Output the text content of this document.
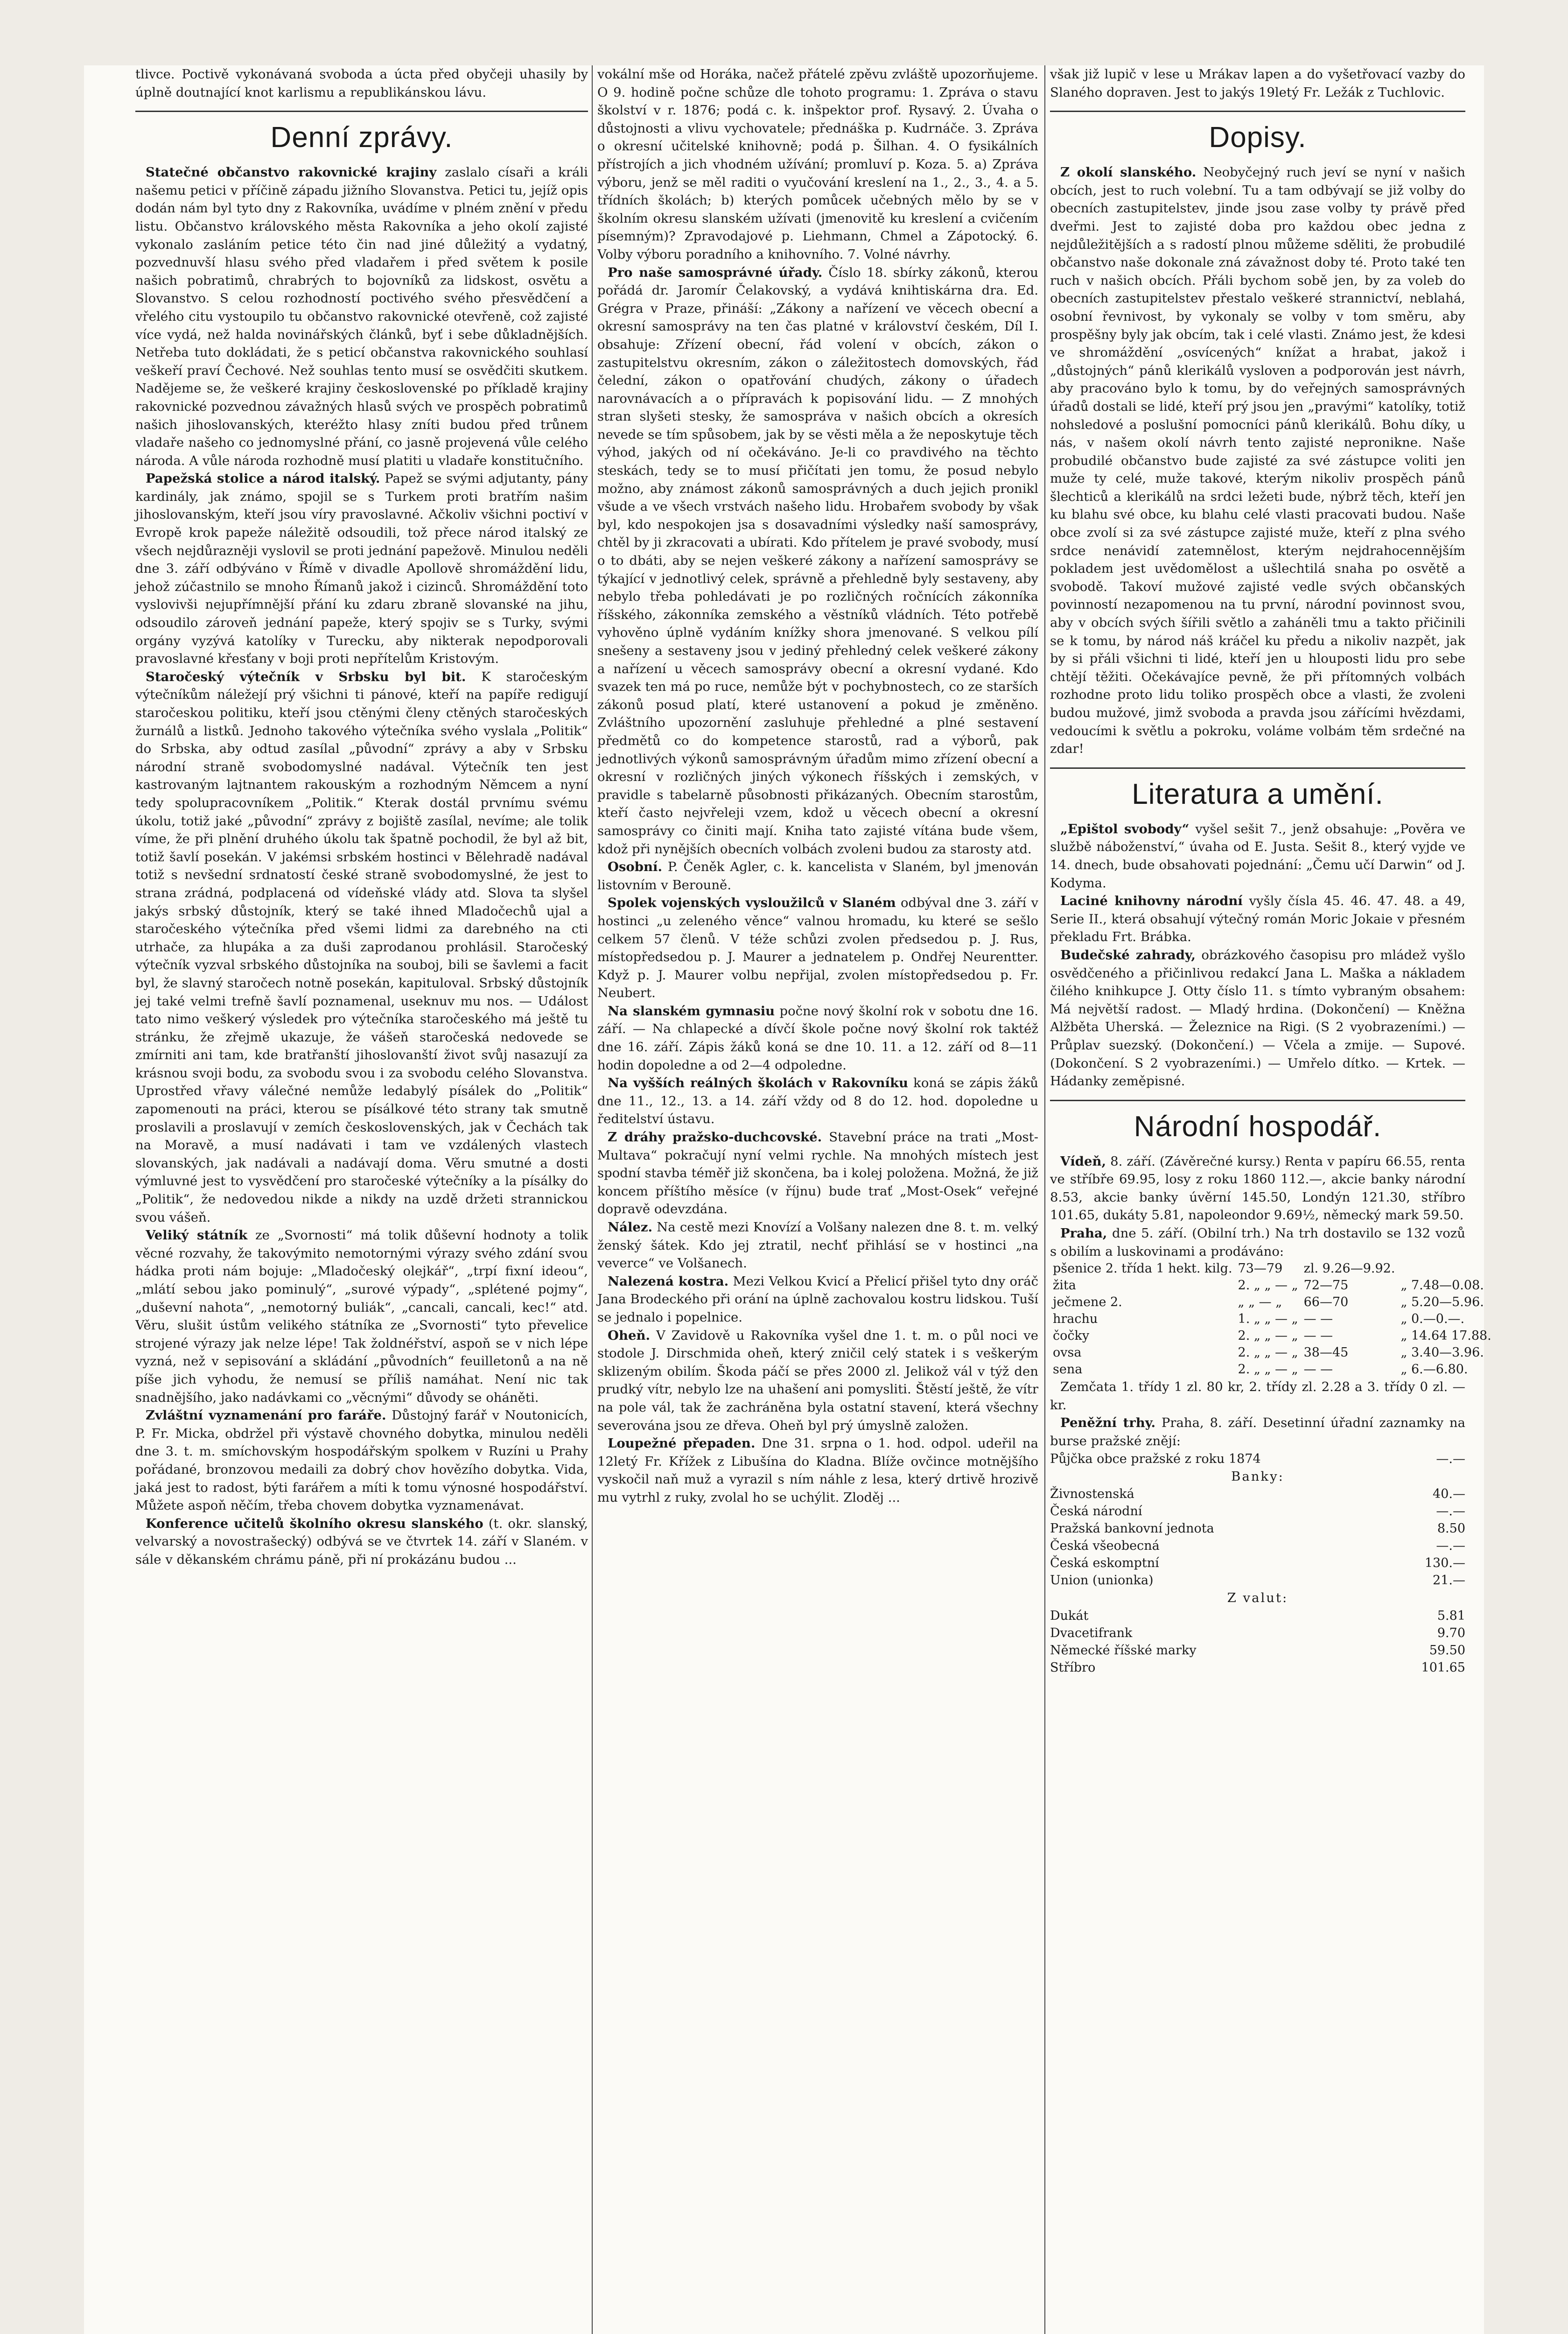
tlivce. Poctivě vykonávaná svoboda a úcta před obyčeji uhasily by úplně doutnající knot karlismu a republikánskou lávu.

Denní zprávy.

Statečné občanstvo rakovnické krajiny zaslalo císaři a králi našemu petici v příčině západu jižního Slovanstva. Petici tu, jejíž opis dodán nám byl tyto dny z Rakovníka, uvádíme v plném znění v předu listu. Občanstvo královského města Rakovníka a jeho okolí zajisté vykonalo zasláním petice této čin nad jiné důležitý a vydatný, pozvednuvší hlasu svého před vladařem i před světem k posile našich pobratimů, chrabrých to bojovníků za lidskost, osvětu a Slovanstvo. S celou rozhodností poctivého svého přesvědčení a vřelého citu vystoupilo tu občanstvo rakovnické otevřeně, což zajisté více vydá, než halda novinářských článků, byť i sebe důkladnějších. Netřeba tuto dokládati, že s peticí občanstva rakovnického souhlasí veškeří praví Čechové. Než souhlas tento musí se osvědčiti skutkem. Nadějeme se, že veškeré krajiny československé po příkladě krajiny rakovnické pozvednou závažných hlasů svých ve prospěch pobratimů našich jihoslovanských, kteréžto hlasy zníti budou před trůnem vladaře našeho co jednomyslné přání, co jasně projevená vůle celého národa. A vůle národa rozhodně musí platiti u vladaře konstitučního.

Papežská stolice a národ italský. Papež se svými adjutanty, pány kardinály, jak známo, spojil se s Turkem proti bratřím našim jihoslovanským, kteří jsou víry pravoslavné. Ačkoliv všichni poctiví v Evropě krok papeže náležitě odsoudili, tož přece národ italský ze všech nejdůrazněji vyslovil se proti jednání papežově. Minulou neděli dne 3. září odbýváno v Římě v divadle Apollově shromáždění lidu, jehož zúčastnilo se mnoho Římanů jakož i cizinců. Shromáždění toto vyslovivši nejupřímnější přání ku zdaru zbraně slovanské na jihu, odsoudilo zároveň jednání papeže, který spojiv se s Turky, svými orgány vyzývá katolíky v Turecku, aby nikterak nepodporovali pravoslavné křesťany v boji proti nepřítelům Kristovým.

Staročeský výtečník v Srbsku byl bit. K staročeským výtečníkům náležejí prý všichni ti pánové, kteří na papíře redigují staročeskou politiku, kteří jsou ctěnými členy ctěných staročeských žurnálů a listků. Jednoho takového výtečníka svého vyslala „Politik“ do Srbska, aby odtud zasílal „původní“ zprávy a aby v Srbsku národní straně svobodomyslné nadával. Výtečník ten jest kastrovaným lajtnantem rakouským a rozhodným Němcem a nyní tedy spolupracovníkem „Politik.“ Kterak dostál prvnímu svému úkolu, totiž jaké „původní“ zprávy z bojiště zasílal, nevíme; ale tolik víme, že při plnění druhého úkolu tak špatně pochodil, že byl až bit, totiž šavlí posekán. V jakémsi srbském hostinci v Bělehradě nadával totiž s nevšední srdnatostí české straně svobodomyslné, že jest to strana zrádná, podplacená od vídeňské vlády atd. Slova ta slyšel jakýs srbský důstojník, který se také ihned Mladočechů ujal a staročeského výtečníka před všemi lidmi za darebného na cti utrhače, za hlupáka a za duši zaprodanou prohlásil. Staročeský výtečník vyzval srbského důstojníka na souboj, bili se šavlemi a facit byl, že slavný staročech notně posekán, kapituloval. Srbský důstojník jej také velmi trefně šavlí poznamenal, useknuv mu nos. — Událost tato nimo veškerý výsledek pro výtečníka staročeského má ještě tu stránku, že zřejmě ukazuje, že vášeň staročeská nedovede se zmírniti ani tam, kde bratřanští jihoslovanští život svůj nasazují za krásnou svoji bodu, za svobodu svou i za svobodu celého Slovanstva. Uprostřed vřavy válečné nemůže ledabylý písálek do „Politik“ zapomenouti na práci, kterou se písálkové této strany tak smutně proslavili a proslavují v zemích československých, jak v Čechách tak na Moravě, a musí nadávati i tam ve vzdálených vlastech slovanských, jak nadávali a nadávají doma. Věru smutné a dosti výmluvné jest to vysvědčení pro staročeské výtečníky a la písálky do „Politik“, že nedovedou nikde a nikdy na uzdě držeti strannickou svou vášeň.

Veliký státník ze „Svornosti“ má tolik důševní hodnoty a tolik věcné rozvahy, že takovýmito nemotornými výrazy svého zdání svou hádka proti nám bojuje: „Mladočeský olejkář“, „trpí fixní ideou“, „mlátí sebou jako pominulý“, „surové výpady“, „splétené pojmy“, „duševní nahota“, „nemotorný buliák“, „cancali, cancali, kec!“ atd. Věru, slušit ústům velikého státníka ze „Svornosti“ tyto převelice strojené výrazy jak nelze lépe! Tak žoldnéřství, aspoň se v nich lépe vyzná, než v sepisování a skládání „původních“ feuilletonů a na ně píše jich vyhodu, že nemusí se příliš namáhat. Není nic tak snadnějšího, jako nadávkami co „věcnými“ důvody se oháněti.

Zvláštní vyznamenání pro faráře. Důstojný farář v Noutonicích, P. Fr. Micka, obdržel při výstavě chovného dobytka, minulou neděli dne 3. t. m. smíchovským hospodářským spolkem v Ruzíni u Prahy pořádané, bronzovou medaili za dobrý chov hovězího dobytka. Vida, jaká jest to radost, býti farářem a míti k tomu výnosné hospodářství. Můžete aspoň něčím, třeba chovem dobytka vyznamenávat.

Konference učitelů školního okresu slanského (t. okr. slanský, velvarský a novostrašecký) odbývá se ve čtvrtek 14. září v Slaném. v sále v děkanském chrámu páně, při ní prokázánu budou ...

vokální mše od Horáka, načež přátelé zpěvu zvláště upozorňujeme. O 9. hodině počne schůze dle tohoto programu: 1. Zpráva o stavu školství v r. 1876; podá c. k. inšpektor prof. Rysavý. 2. Úvaha o důstojnosti a vlivu vychovatele; přednáška p. Kudrnáče. 3. Zpráva o okresní učitelské knihovně; podá p. Šilhan. 4. O fysikálních přístrojích a jich vhodném užívání; promluví p. Koza. 5. a) Zpráva výboru, jenž se měl raditi o vyučování kreslení na 1., 2., 3., 4. a 5. třídních školách; b) kterých pomůcek učebných mělo by se v školním okresu slanském užívati (jmenovitě ku kreslení a cvičením písemným)? Zpravodajové p. Liehmann, Chmel a Zápotocký. 6. Volby výboru poradního a knihovního. 7. Volné návrhy.

Pro naše samosprávné úřady. Číslo 18. sbírky zákonů, kterou pořádá dr. Jaromír Čelakovský, a vydává knihtiskárna dra. Ed. Grégra v Praze, přináší: „Zákony a nařízení ve věcech obecní a okresní samosprávy na ten čas platné v království českém, Díl I. obsahuje: Zřízení obecní, řád volení v obcích, zákon o zastupitelstvu okresním, zákon o záležitostech domovských, řád čelední, zákon o opatřování chudých, zákony o úřadech narovnávacích a o přípravách k popisování lidu. — Z mnohých stran slyšeti stesky, že samospráva v našich obcích a okresích nevede se tím spůsobem, jak by se věsti měla a že neposkytuje těch výhod, jakých od ní očekáváno. Je-li co pravdivého na těchto steskách, tedy se to musí přičítati jen tomu, že posud nebylo možno, aby známost zákonů samosprávných a duch jejich pronikl všude a ve všech vrstvách našeho lidu. Hrobařem svobody by však byl, kdo nespokojen jsa s dosavadními výsledky naší samosprávy, chtěl by ji zkracovati a ubírati. Kdo přítelem je pravé svobody, musí o to dbáti, aby se nejen veškeré zákony a nařízení samosprávy se týkající v jednotlivý celek, správně a přehledně byly sestaveny, aby nebylo třeba pohledávati je po rozličných ročnících zákonníka říšského, zákonníka zemského a věstníků vládních. Této potřebě vyhověno úplně vydáním knížky shora jmenované. S velkou pílí snešeny a sestaveny jsou v jediný přehledný celek veškeré zákony a nařízení u věcech samosprávy obecní a okresní vydané. Kdo svazek ten má po ruce, nemůže být v pochybnostech, co ze starších zákonů posud platí, které ustanovení a pokud je změněno. Zvláštního upozornění zasluhuje přehledné a plné sestavení předmětů co do kompetence starostů, rad a výborů, pak jednotlivých výkonů samosprávným úřadům mimo zřízení obecní a okresní v rozličných jiných výkonech říšských i zemských, v pravidle s tabelarně působnosti přikázaných. Obecním starostům, kteří často nejvřeleji vzem, kdož u věcech obecní a okresní samosprávy co činiti mají. Kniha tato zajisté vítána bude všem, kdož při nynějších obecních volbách zvoleni budou za starosty atd.

Osobní. P. Čeněk Agler, c. k. kancelista v Slaném, byl jmenován listovním v Berouně.

Spolek vojenských vysloužilců v Slaném odbýval dne 3. září v hostinci „u zeleného věnce“ valnou hromadu, ku které se sešlo celkem 57 členů. V téže schůzi zvolen předsedou p. J. Rus, místopředsedou p. J. Maurer a jednatelem p. Ondřej Neurentter. Když p. J. Maurer volbu nepřijal, zvolen místopředsedou p. Fr. Neubert.

Na slanském gymnasiu počne nový školní rok v sobotu dne 16. září. — Na chlapecké a dívčí škole počne nový školní rok taktéž dne 16. září. Zápis žáků koná se dne 10. 11. a 12. září od 8—11 hodin dopoledne a od 2—4 odpoledne.

Na vyšších reálných školách v Rakovníku koná se zápis žáků dne 11., 12., 13. a 14. září vždy od 8 do 12. hod. dopoledne u ředitelství ústavu.

Z dráhy pražsko-duchcovské. Stavební práce na trati „Most-Multava“ pokračují nyní velmi rychle. Na mnohých místech jest spodní stavba téměř již skončena, ba i kolej položena. Možná, že již koncem příštího měsíce (v říjnu) bude trať „Most-Osek“ veřejné dopravě odevzdána.

Nález. Na cestě mezi Knovízí a Volšany nalezen dne 8. t. m. velký ženský šátek. Kdo jej ztratil, nechť přihlásí se v hostinci „na veverce“ ve Volšanech.

Nalezená kostra. Mezi Velkou Kvicí a Přelicí přišel tyto dny oráč Jana Brodeckého při orání na úplně zachovalou kostru lidskou. Tuší se jednalo i popelnice.

Oheň. V Zavidově u Rakovníka vyšel dne 1. t. m. o půl noci ve stodole J. Dirschmida oheň, který zničil celý statek i s veškerým sklizeným obilím. Škoda páčí se přes 2000 zl. Jelikož vál v týž den prudký vítr, nebylo lze na uhašení ani pomysliti. Štěstí ještě, že vítr na pole vál, tak že zachráněna byla ostatní stavení, která všechny severována jsou ze dřeva. Oheň byl prý úmyslně založen.

Loupežné přepaden. Dne 31. srpna o 1. hod. odpol. udeřil na 12letý Fr. Křížek z Libušína do Kladna. Blíže ovčince motnějšího vyskočil naň muž a vyrazil s ním náhle z lesa, který drtivě hrozivě mu vytrhl z ruky, zvolal ho se uchýlit. Zloděj ...

však již lupič v lese u Mrákav lapen a do vyšetřovací vazby do Slaného dopraven. Jest to jakýs 19letý Fr. Ležák z Tuchlovic.

Dopisy.

Z okolí slanského. Neobyčejný ruch jeví se nyní v našich obcích, jest to ruch volební. Tu a tam odbývají se již volby do obecních zastupitelstev, jinde jsou zase volby ty právě před dveřmi. Jest to zajisté doba pro každou obec jedna z nejdůležitějších a s radostí plnou můžeme sděliti, že probudilé občanstvo naše dokonale zná závažnost doby té. Proto také ten ruch v našich obcích. Přáli bychom sobě jen, by za voleb do obecních zastupitelstev přestalo veškeré strannictví, neblahá, osobní řevnivost, by vykonaly se volby v tom směru, aby prospěšny byly jak obcím, tak i celé vlasti. Známo jest, že kdesi ve shromáždění „osvícených“ knížat a hrabat, jakož i „důstojných“ pánů klerikálů vysloven a podporován jest návrh, aby pracováno bylo k tomu, by do veřejných samosprávných úřadů dostali se lidé, kteří prý jsou jen „pravými“ katolíky, totiž nohsledové a poslušní pomocníci pánů klerikálů. Bohu díky, u nás, v našem okolí návrh tento zajisté nepronikne. Naše probudilé občanstvo bude zajisté za své zástupce voliti jen muže ty celé, muže takové, kterým nikoliv prospěch pánů šlechticů a klerikálů na srdci ležeti bude, nýbrž těch, kteří jen ku blahu své obce, ku blahu celé vlasti pracovati budou. Naše obce zvolí si za své zástupce zajisté muže, kteří z plna svého srdce nenávidí zatemnělost, kterým nejdrahocennějším pokladem jest uvědomělost a ušlechtilá snaha po osvětě a svobodě. Takoví mužové zajisté vedle svých občanských povinností nezapomenou na tu první, národní povinnost svou, aby v obcích svých šířili světlo a zaháněli tmu a takto přičinili se k tomu, by národ náš kráčel ku předu a nikoliv nazpět, jak by si přáli všichni ti lidé, kteří jen u hlouposti lidu pro sebe chtějí těžiti. Očekávajíce pevně, že při přítomných volbách rozhodne proto lidu toliko prospěch obce a vlasti, že zvoleni budou mužové, jimž svoboda a pravda jsou zářícími hvězdami, vedoucími k světlu a pokroku, voláme volbám těm srdečné na zdar!

Literatura a umění.

„Epištol svobody“ vyšel sešit 7., jenž obsahuje: „Pověra ve službě náboženství,“ úvaha od E. Justa. Sešit 8., který vyjde ve 14. dnech, bude obsahovati pojednání: „Čemu učí Darwin“ od J. Kodyma.

Laciné knihovny národní vyšly čísla 45. 46. 47. 48. a 49, Serie II., která obsahují výtečný román Moric Jokaie v přesném překladu Frt. Brábka.

Budečské zahrady, obrázkového časopisu pro mládež vyšlo osvědčeného a přičinlivou redakcí Jana L. Maška a nákladem čilého knihkupce J. Otty číslo 11. s tímto vybraným obsahem: Má největší radost. — Mladý hrdina. (Dokončení) — Kněžna Alžběta Uherská. — Železnice na Rigi. (S 2 vyobrazeními.) — Průplav suezský. (Dokončení.) — Včela a zmije. — Supové. (Dokončení. S 2 vyobrazeními.) — Umřelo dítko. — Krtek. — Hádanky zeměpisné.

Národní hospodář.

Vídeň, 8. září. (Závěrečné kursy.) Renta v papíru 66.55, renta ve stříbře 69.95, losy z roku 1860 112.—, akcie banky národní 8.53, akcie banky úvěrní 145.50, Londýn 121.30, stříbro 101.65, dukáty 5.81, napoleondor 9.69½, německý mark 59.50.

Praha, dne 5. září. (Obilní trh.) Na trh dostavilo se 132 vozů s obilím a luskovinami a prodáváno:

pšenice 2. třída 1 hekt. kilg.	73—79	zl. 9.26—9.92.	
žita	2. „ „ — „	72—75	„ 7.48—0.08.
ječmene 2.	„ „ — „	66—70	„ 5.20—5.96.
hrachu	1. „ „ — „	— —	„ 0.—0.—.
čočky	2. „ „ — „	— —	„ 14.64 17.88.
ovsa	2. „ „ — „	38—45	„ 3.40—3.96.
sena	2. „ „ — „	— —	„ 6.—6.80.

Zemčata 1. třídy 1 zl. 80 kr, 2. třídy zl. 2.28 a 3. třídy 0 zl. — kr.

Peněžní trhy. Praha, 8. září. Desetinní úřadní zaznamky na burse pražské znějí:

Půjčka obce pražské z roku 1874	—.—

Banky:

Živnostenská	40.—
Česká národní	—.—
Pražská bankovní jednota	8.50
Česká všeobecná	—.—
Česká eskomptní	130.—
Union (unionka)	21.—

Z valut:

Dukát	5.81
Dvacetifrank	9.70
Německé říšské marky	59.50
Stříbro	101.65
